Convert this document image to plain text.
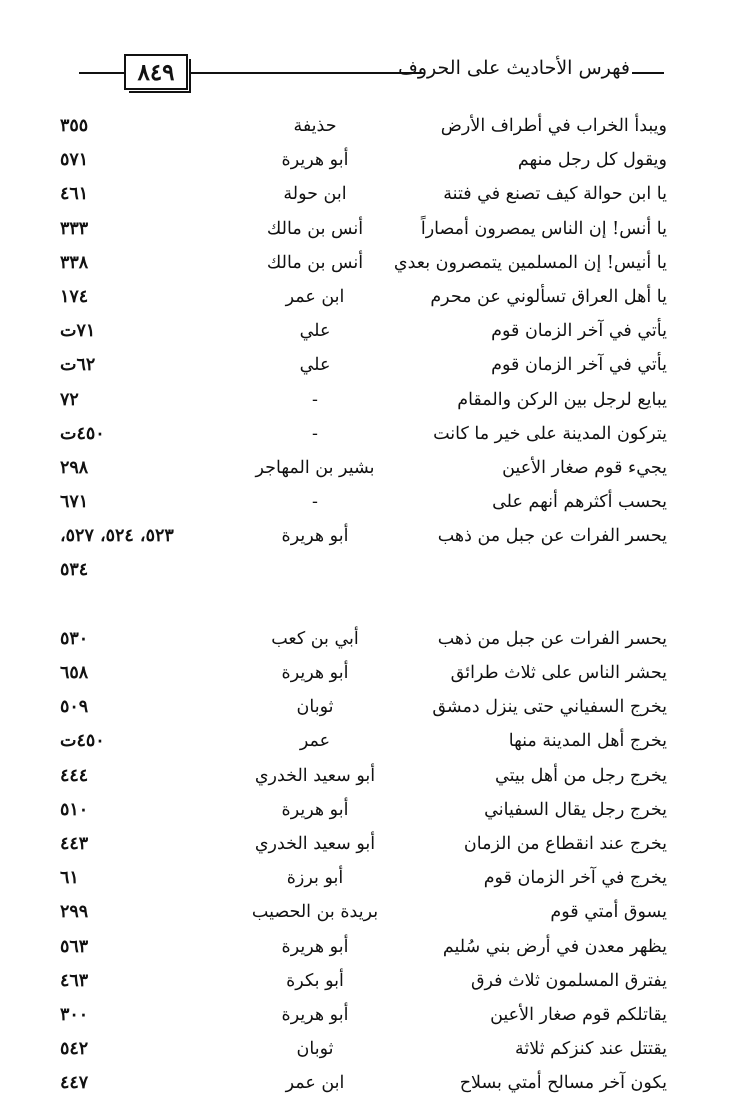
٨٤٩	فهرس الأحاديث على الحروف
ويبدأ الخراب في أطراف الأرض
حذيفة
٣٥٥
ويقول كل رجل منهم
أبو هريرة
٥٧١
يا ابن حوالة كيف تصنع في فتنة
ابن حولة
٤٦١
يا أنس! إن الناس يمصرون أمصاراً
أنس بن مالك
٣٣٣
يا أنيس! إن المسلمين يتمصرون بعدي
أنس بن مالك
٣٣٨
يا أهل العراق تسألوني عن محرم
ابن عمر
١٧٤
يأتي في آخر الزمان قوم
علي
٧١ت
يأتي في آخر الزمان قوم
علي
٦٢ت
يبايع لرجل بين الركن والمقام
-
٧٢
يتركون المدينة على خير ما كانت
-
٤٥٠ت
يجيء قوم صغار الأعين
بشير بن المهاجر
٢٩٨
يحسب أكثرهم أنهم على
-
٦٧١
يحسر الفرات عن جبل من ذهب
أبو هريرة
٥٢٣، ٥٢٤، ٥٢٧،
٥٣٤
يحسر الفرات عن جبل من ذهب
أبي بن كعب
٥٣٠
يحشر الناس على ثلاث طرائق
أبو هريرة
٦٥٨
يخرج السفياني حتى ينزل دمشق
ثوبان
٥٠٩
يخرج أهل المدينة منها
عمر
٤٥٠ت
يخرج رجل من أهل بيتي
أبو سعيد الخدري
٤٤٤
يخرج رجل يقال السفياني
أبو هريرة
٥١٠
يخرج عند انقطاع من الزمان
أبو سعيد الخدري
٤٤٣
يخرج في آخر الزمان قوم
أبو برزة
٦١
يسوق أمتي قوم
بريدة بن الحصيب
٢٩٩
يظهر معدن في أرض بني سُليم
أبو هريرة
٥٦٣
يفترق المسلمون ثلاث فرق
أبو بكرة
٤٦٣
يقاتلكم قوم صغار الأعين
أبو هريرة
٣٠٠
يقتتل عند كنزكم ثلاثة
ثوبان
٥٤٢
يكون آخر مسالح أمتي بسلاح
ابن عمر
٤٤٧
